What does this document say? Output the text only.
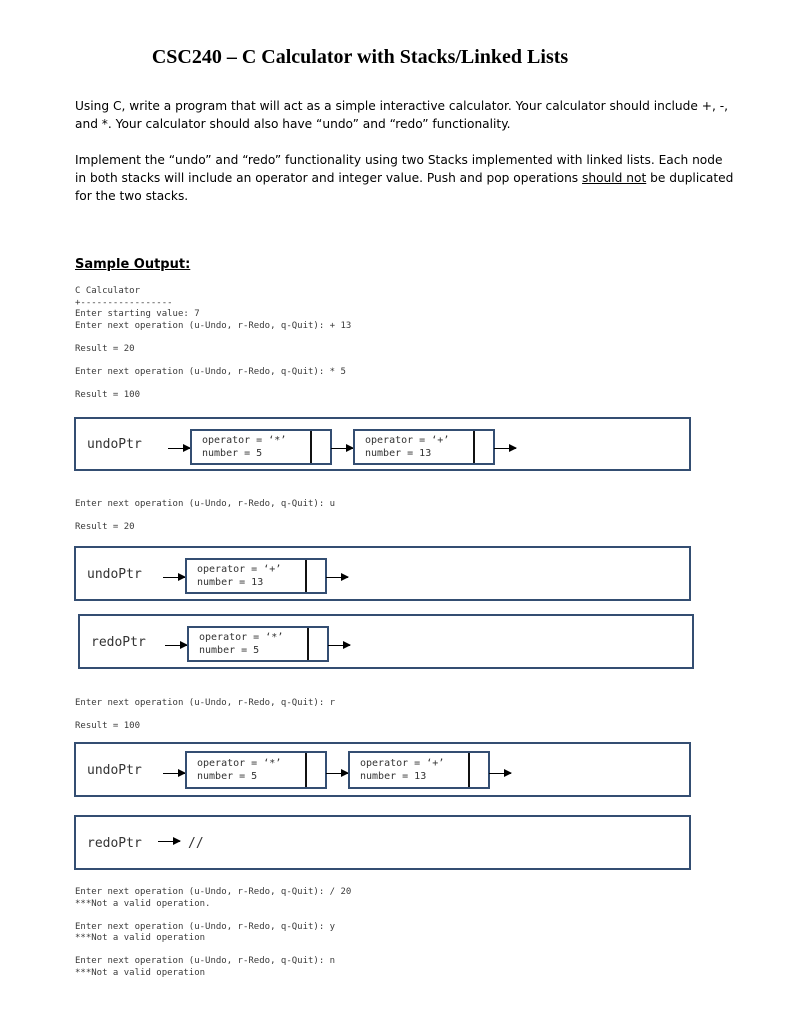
CSC240 – C Calculator with Stacks/Linked Lists
Using C, write a program that will act as a simple interactive calculator. Your calculator should include +, -, and *. Your calculator should also have “undo” and “redo” functionality.
Implement the “undo” and “redo” functionality using two Stacks implemented with linked lists. Each node in both stacks will include an operator and integer value. Push and pop operations should not be duplicated for the two stacks.
Sample Output:
C Calculator
+-----------------
Enter starting value: 7
Enter next operation (u-Undo, r-Redo, q-Quit): + 13

Result = 20

Enter next operation (u-Undo, r-Redo, q-Quit): * 5

Result = 100
undoPtr	operator = ‘*’
number = 5
operator = ‘+’
number = 13
Enter next operation (u-Undo, r-Redo, q-Quit): u

Result = 20
undoPtr	operator = ‘+’
number = 13
redoPtr	operator = ‘*’
number = 5
Enter next operation (u-Undo, r-Redo, q-Quit): r

Result = 100
undoPtr	operator = ‘*’
number = 5
operator = ‘+’
number = 13
redoPtr	//
Enter next operation (u-Undo, r-Redo, q-Quit): / 20
***Not a valid operation.

Enter next operation (u-Undo, r-Redo, q-Quit): y
***Not a valid operation

Enter next operation (u-Undo, r-Redo, q-Quit): n
***Not a valid operation
